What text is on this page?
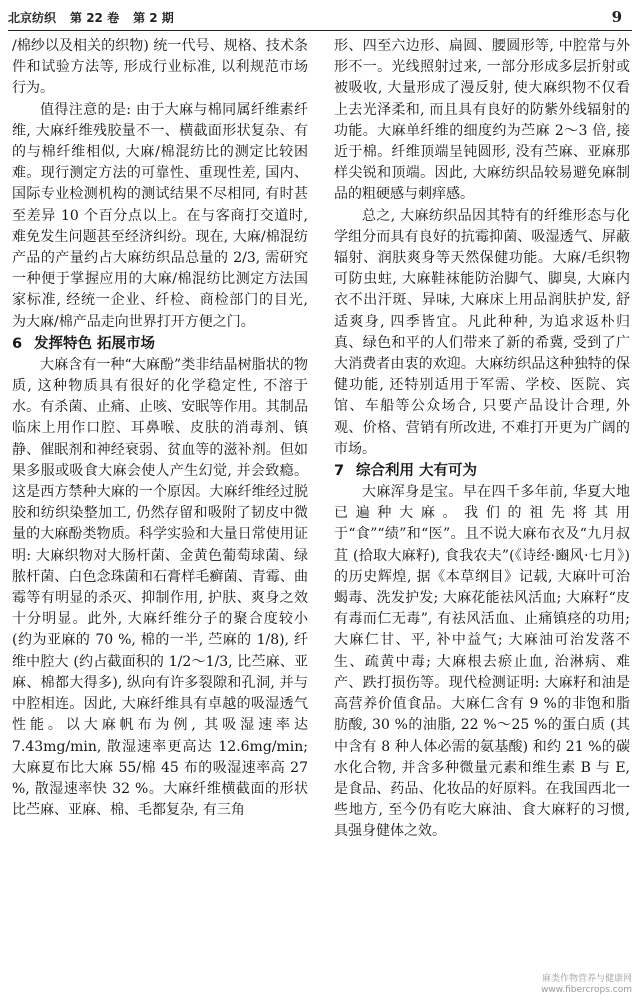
北京纺织 第 22 卷 第 2 期	9

/棉纱以及相关的织物) 统一代号、规格、技术条件和试验方法等, 形成行业标准, 以利规范市场行为。

值得注意的是: 由于大麻与棉同属纤维素纤维, 大麻纤维残胶量不一、横截面形状复杂、有的与棉纤维相似, 大麻/棉混纺比的测定比较困难。现行测定方法的可靠性、重现性差, 国内、国际专业检测机构的测试结果不尽相同, 有时甚至差异 10 个百分点以上。在与客商打交道时, 难免发生问题甚至经济纠纷。现在, 大麻/棉混纺产品的产量约占大麻纺织品总量的 2/3, 需研究一种便于掌握应用的大麻/棉混纺比测定方法国家标准, 经统一企业、纤检、商检部门的目光, 为大麻/棉产品走向世界打开方便之门。

6 发挥特色 拓展市场

大麻含有一种“大麻酚”类非结晶树脂状的物质, 这种物质具有很好的化学稳定性, 不溶于水。有杀菌、止痛、止咳、安眠等作用。其制品临床上用作口腔、耳鼻喉、皮肤的消毒剂、镇静、催眠剂和神经衰弱、贫血等的滋补剂。但如果多服或吸食大麻会使人产生幻觉, 并会致瘾。这是西方禁种大麻的一个原因。大麻纤维经过脱胶和纺织染整加工, 仍然存留和吸附了韧皮中微量的大麻酚类物质。科学实验和大量日常使用证明: 大麻织物对大肠杆菌、金黄色葡萄球菌、绿脓杆菌、白色念珠菌和石膏样毛癣菌、青霉、曲霉等有明显的杀灭、抑制作用, 护肤、爽身之效十分明显。此外, 大麻纤维分子的聚合度较小 (约为亚麻的 70 %, 棉的一半, 苎麻的 1/8), 纤维中腔大 (约占截面积的 1/2～1/3, 比苎麻、亚麻、棉都大得多), 纵向有许多裂隙和孔洞, 并与中腔相连。因此, 大麻纤维具有卓越的吸湿透气性能。以大麻帆布为例, 其吸湿速率达 7.43mg/min, 散湿速率更高达 12.6mg/min; 大麻夏布比大麻 55/棉 45 布的吸湿速率高 27 %, 散湿速率快 32 %。大麻纤维横截面的形状比苎麻、亚麻、棉、毛都复杂, 有三角

形、四至六边形、扁圆、腰圆形等, 中腔常与外形不一。光线照射过来, 一部分形成多层折射或被吸收, 大量形成了漫反射, 使大麻织物不仅看上去光泽柔和, 而且具有良好的防紫外线辐射的功能。大麻单纤维的细度约为苎麻 2～3 倍, 接近于棉。纤维顶端呈钝圆形, 没有苎麻、亚麻那样尖锐和顶端。因此, 大麻纺织品较易避免麻制品的粗硬感与刺痒感。

总之, 大麻纺织品因其特有的纤维形态与化学组分而具有良好的抗霉抑菌、吸湿透气、屏蔽辐射、润肤爽身等天然保健功能。大麻/毛织物可防虫蛀, 大麻鞋袜能防治脚气、脚臭, 大麻内衣不出汗斑、异味, 大麻床上用品润肤护发, 舒适爽身, 四季皆宜。凡此种种, 为追求返朴归真、绿色和平的人们带来了新的希冀, 受到了广大消费者由衷的欢迎。大麻纺织品这种独特的保健功能, 还特别适用于军需、学校、医院、宾馆、车船等公众场合, 只要产品设计合理, 外观、价格、营销有所改进, 不难打开更为广阔的市场。

7 综合利用 大有可为

大麻浑身是宝。早在四千多年前, 华夏大地已遍种大麻。我们的祖先将其用于“食”“绩”和“医”。且不说大麻布衣及“九月叔苴 (拾取大麻籽), 食我农夫”(《诗经·豳风·七月》) 的历史辉煌, 据《本草纲目》记载, 大麻叶可治蝎毒、洗发护发; 大麻花能祛风活血; 大麻籽“皮有毒而仁无毒”, 有祛风活血、止痛镇痉的功用; 大麻仁甘、平, 补中益气; 大麻油可治发落不生、疏黄中毒; 大麻根去瘀止血, 治淋病、难产、跌打损伤等。现代检测证明: 大麻籽和油是高营养价值食品。大麻仁含有 9 %的非饱和脂肪酸, 30 %的油脂, 22 %～25 %的蛋白质 (其中含有 8 种人体必需的氨基酸) 和约 21 %的碳水化合物, 并含多种微量元素和维生素 B 与 E, 是食品、药品、化妆品的好原料。在我国西北一些地方, 至今仍有吃大麻油、食大麻籽的习惯, 具强身健体之效。

麻类作物营养与健康网
www.fibercrops.com
